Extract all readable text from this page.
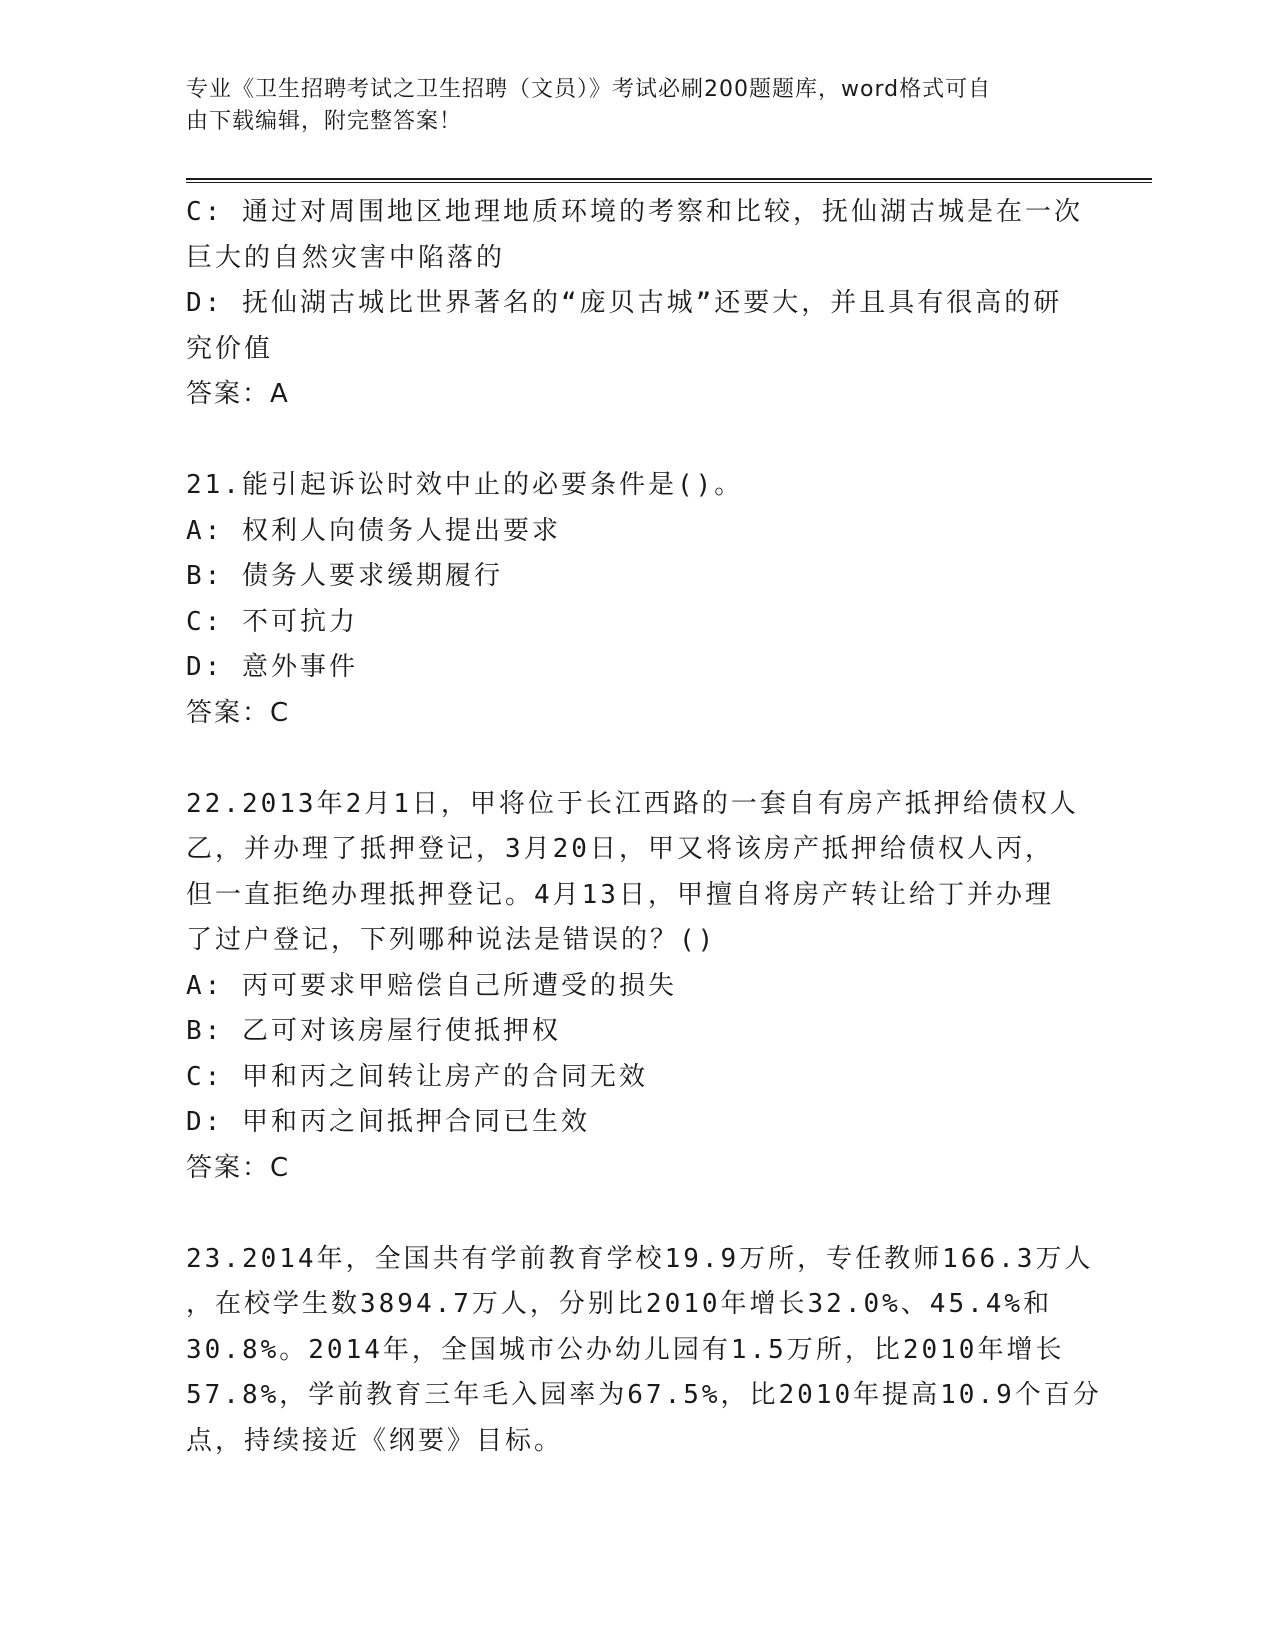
专业《卫生招聘考试之卫生招聘（文员）》考试必刷200题题库，word格式可自
由下载编辑，附完整答案！
C: 通过对周围地区地理地质环境的考察和比较，抚仙湖古城是在一次
巨大的自然灾害中陷落的
D: 抚仙湖古城比世界著名的“庞贝古城”还要大，并且具有很高的研
究价值
答案：A
21.能引起诉讼时效中止的必要条件是()。
A: 权利人向债务人提出要求
B: 债务人要求缓期履行
C: 不可抗力
D: 意外事件
答案：C
22.2013年2月1日，甲将位于长江西路的一套自有房产抵押给债权人
乙，并办理了抵押登记，3月20日，甲又将该房产抵押给债权人丙，
但一直拒绝办理抵押登记。4月13日，甲擅自将房产转让给丁并办理
了过户登记，下列哪种说法是错误的？()
A: 丙可要求甲赔偿自己所遭受的损失
B: 乙可对该房屋行使抵押权
C: 甲和丙之间转让房产的合同无效
D: 甲和丙之间抵押合同已生效
答案：C
23.2014年，全国共有学前教育学校19.9万所，专任教师166.3万人
，在校学生数3894.7万人，分别比2010年增长32.0%、45.4%和
30.8%。2014年，全国城市公办幼儿园有1.5万所，比2010年增长
57.8%，学前教育三年毛入园率为67.5%，比2010年提高10.9个百分
点，持续接近《纲要》目标。
